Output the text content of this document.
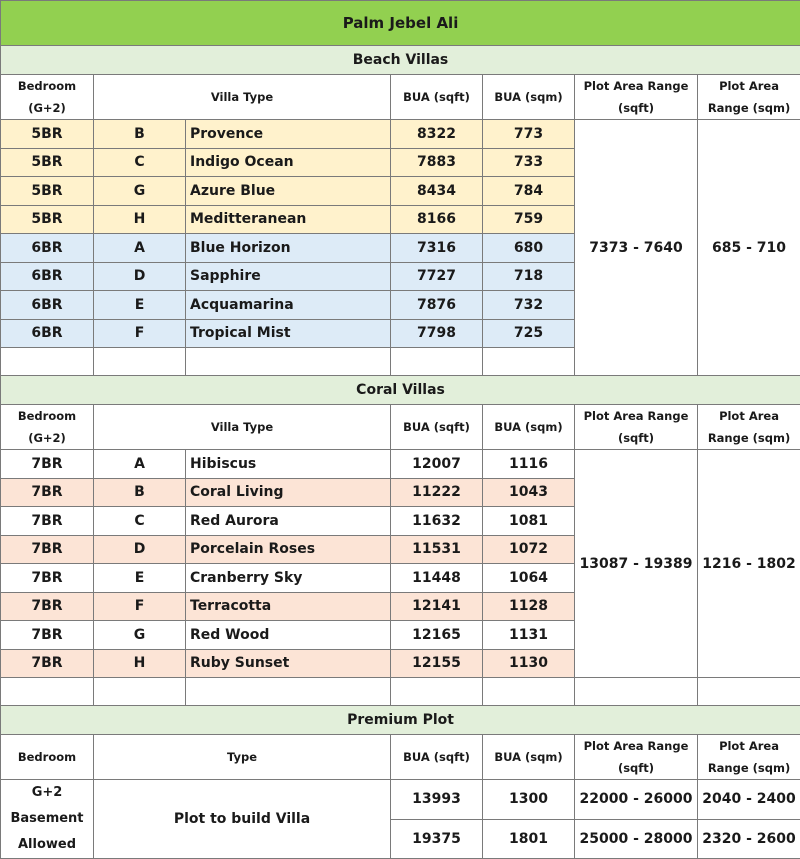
Palm Jebel Ali						
Beach Villas						
Bedroom
(G+2)	Villa Type		BUA (sqft)	BUA (sqm)	Plot Area Range
(sqft)	Plot Area
Range (sqm)
5BR	B	Provence	8322	773	7373 - 7640	685 - 710
5BR	C	Indigo Ocean	7883	733		
5BR	G	Azure Blue	8434	784		
5BR	H	Meditteranean	8166	759		
6BR	A	Blue Horizon	7316	680		
6BR	D	Sapphire	7727	718		
6BR	E	Acquamarina	7876	732		
6BR	F	Tropical Mist	7798	725		

Coral Villas						
Bedroom
(G+2)	Villa Type		BUA (sqft)	BUA (sqm)	Plot Area Range
(sqft)	Plot Area
Range (sqm)
7BR	A	Hibiscus	12007	1116	13087 - 19389	1216 - 1802
7BR	B	Coral Living	11222	1043		
7BR	C	Red Aurora	11632	1081		
7BR	D	Porcelain Roses	11531	1072		
7BR	E	Cranberry Sky	11448	1064		
7BR	F	Terracotta	12141	1128		
7BR	G	Red Wood	12165	1131		
7BR	H	Ruby Sunset	12155	1130		

Premium Plot						
Bedroom	Type		BUA (sqft)	BUA (sqm)	Plot Area Range
(sqft)	Plot Area
Range (sqm)
G+2
Basement
Allowed	Plot to build Villa		13993	1300	22000 - 26000	2040 - 2400
			19375	1801	25000 - 28000	2320 - 2600
